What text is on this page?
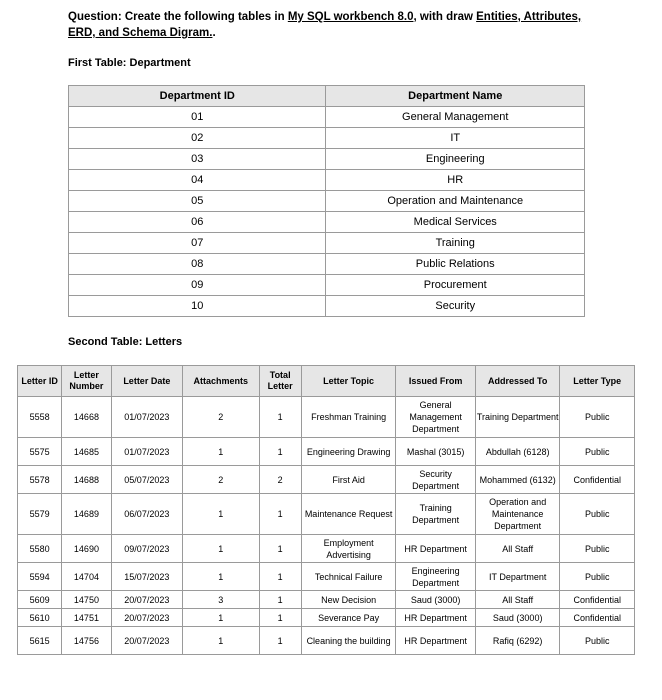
Question: Create the following tables in My SQL workbench 8.0, with draw Entities, Attributes, ERD, and Schema Digram..
First Table: Department
Department ID	Department Name
01	General Management
02	IT
03	Engineering
04	HR
05	Operation and Maintenance
06	Medical Services
07	Training
08	Public Relations
09	Procurement
10	Security
Second Table: Letters
Letter ID	Letter Number	Letter Date	Attachments	Total Letter	Letter Topic	Issued From	Addressed To	Letter Type
5558	14668	01/07/2023	2	1	Freshman Training	General Management Department	Training Department	Public
5575	14685	01/07/2023	1	1	Engineering Drawing	Mashal (3015)	Abdullah (6128)	Public
5578	14688	05/07/2023	2	2	First Aid	Security Department	Mohammed (6132)	Confidential
5579	14689	06/07/2023	1	1	Maintenance Request	Training Department	Operation and Maintenance Department	Public
5580	14690	09/07/2023	1	1	Employment Advertising	HR Department	All Staff	Public
5594	14704	15/07/2023	1	1	Technical Failure	Engineering Department	IT Department	Public
5609	14750	20/07/2023	3	1	New Decision	Saud (3000)	All Staff	Confidential
5610	14751	20/07/2023	1	1	Severance Pay	HR Department	Saud (3000)	Confidential
5615	14756	20/07/2023	1	1	Cleaning the building	HR Department	Rafiq (6292)	Public
